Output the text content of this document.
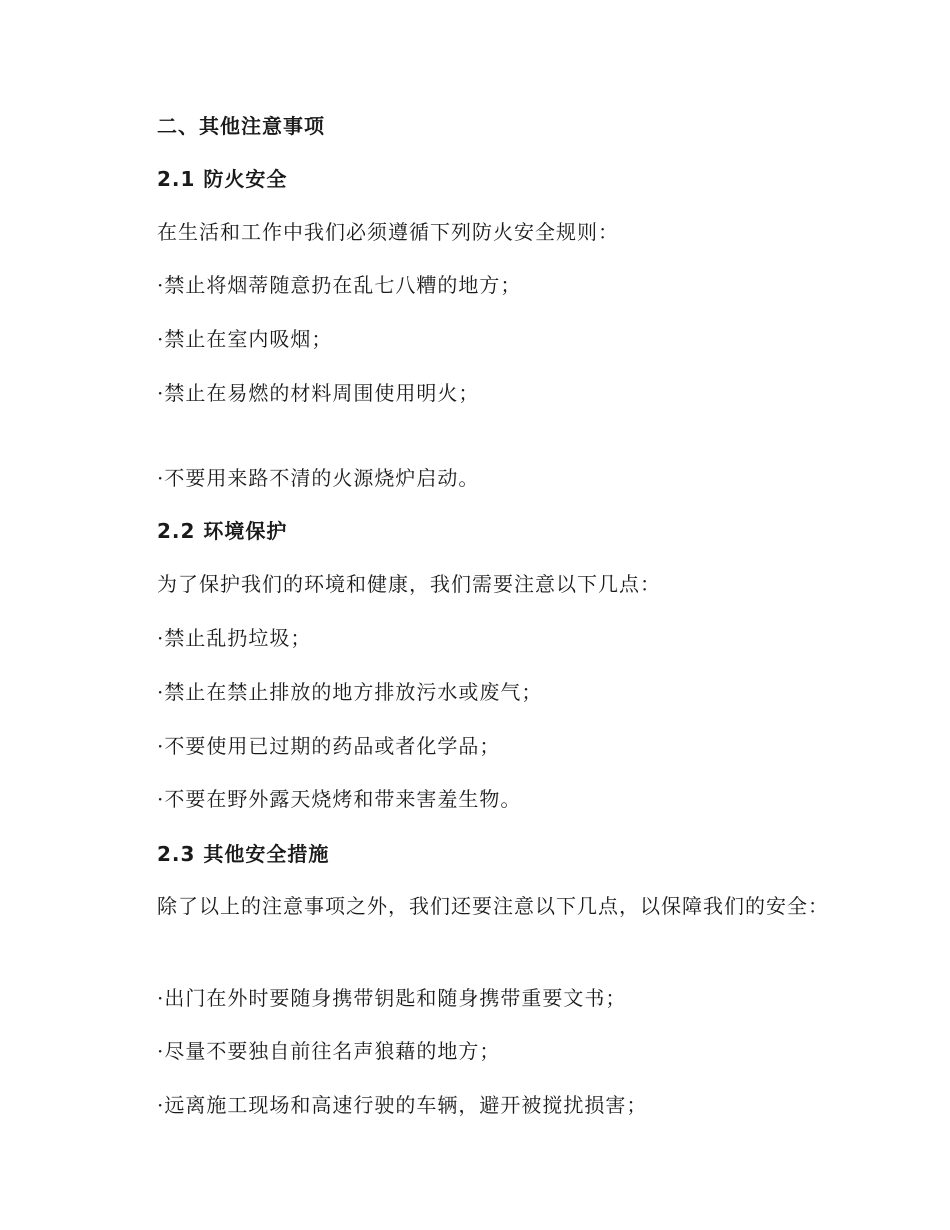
二、其他注意事项
2.1 防火安全
在生活和工作中我们必须遵循下列防火安全规则：
·禁止将烟蒂随意扔在乱七八糟的地方；
·禁止在室内吸烟；
·禁止在易燃的材料周围使用明火；
·不要用来路不清的火源烧炉启动。
2.2 环境保护
为了保护我们的环境和健康，我们需要注意以下几点：
·禁止乱扔垃圾；
·禁止在禁止排放的地方排放污水或废气；
·不要使用已过期的药品或者化学品；
·不要在野外露天烧烤和带来害羞生物。
2.3 其他安全措施
除了以上的注意事项之外，我们还要注意以下几点，以保障我们的安全：
·出门在外时要随身携带钥匙和随身携带重要文书；
·尽量不要独自前往名声狼藉的地方；
·远离施工现场和高速行驶的车辆，避开被搅扰损害；
